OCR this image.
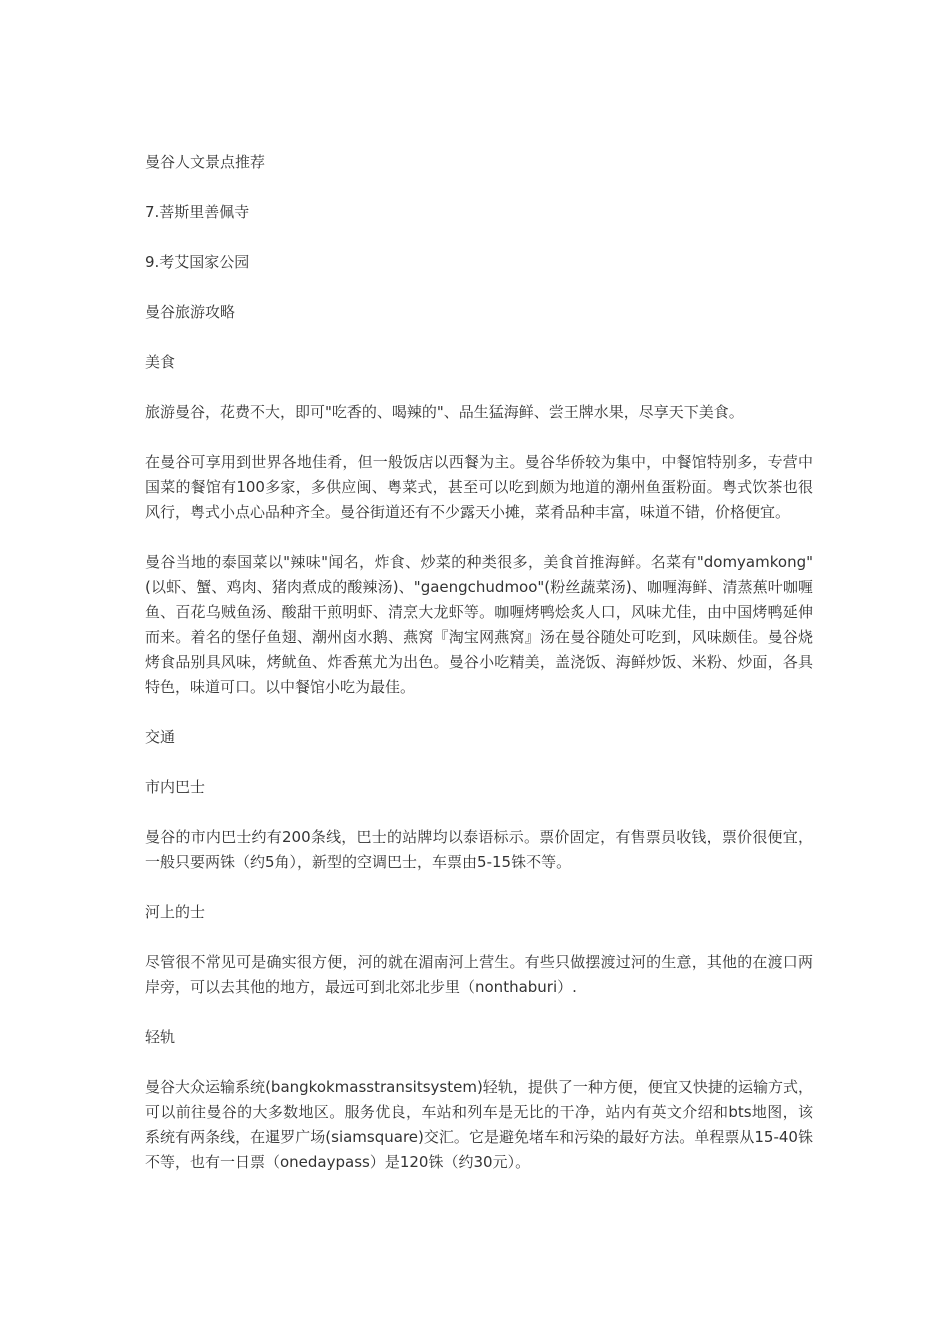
曼谷人文景点推荐
7.菩斯里善佩寺
9.考艾国家公园
曼谷旅游攻略
美食
旅游曼谷，花费不大，即可"吃香的、喝辣的"、品生猛海鲜、尝王牌水果，尽享天下美食。
在曼谷可享用到世界各地佳肴，但一般饭店以西餐为主。曼谷华侨较为集中，中餐馆特别多，专营中国菜的餐馆有100多家，多供应闽、粤菜式，甚至可以吃到颇为地道的潮州鱼蛋粉面。粤式饮茶也很风行，粤式小点心品种齐全。曼谷街道还有不少露天小摊，菜肴品种丰富，味道不错，价格便宜。
曼谷当地的泰国菜以"辣味"闻名，炸食、炒菜的种类很多，美食首推海鲜。名菜有"domyamkong"(以虾、蟹、鸡肉、猪肉煮成的酸辣汤)、"gaengchudmoo"(粉丝蔬菜汤)、咖喱海鲜、清蒸蕉叶咖喱鱼、百花乌贼鱼汤、酸甜干煎明虾、清烹大龙虾等。咖喱烤鸭烩炙人口，风味尤佳，由中国烤鸭延伸而来。着名的堡仔鱼翅、潮州卤水鹅、燕窝『淘宝网燕窝』汤在曼谷随处可吃到，风味颇佳。曼谷烧烤食品别具风味，烤鱿鱼、炸香蕉尤为出色。曼谷小吃精美，盖浇饭、海鲜炒饭、米粉、炒面，各具特色，味道可口。以中餐馆小吃为最佳。
交通
市内巴士
曼谷的市内巴士约有200条线，巴士的站牌均以泰语标示。票价固定，有售票员收钱，票价很便宜，一般只要两铢（约5角），新型的空调巴士，车票由5-15铢不等。
河上的士
尽管很不常见可是确实很方便，河的就在湄南河上营生。有些只做摆渡过河的生意，其他的在渡口两岸旁，可以去其他的地方，最远可到北郊北步里（nonthaburi）.
轻轨
曼谷大众运输系统(bangkokmasstransitsystem)轻轨，提供了一种方便，便宜又快捷的运输方式，可以前往曼谷的大多数地区。服务优良，车站和列车是无比的干净，站内有英文介绍和bts地图，该系统有两条线，在暹罗广场(siamsquare)交汇。它是避免堵车和污染的最好方法。单程票从15-40铢不等，也有一日票（onedaypass）是120铢（约30元）。
